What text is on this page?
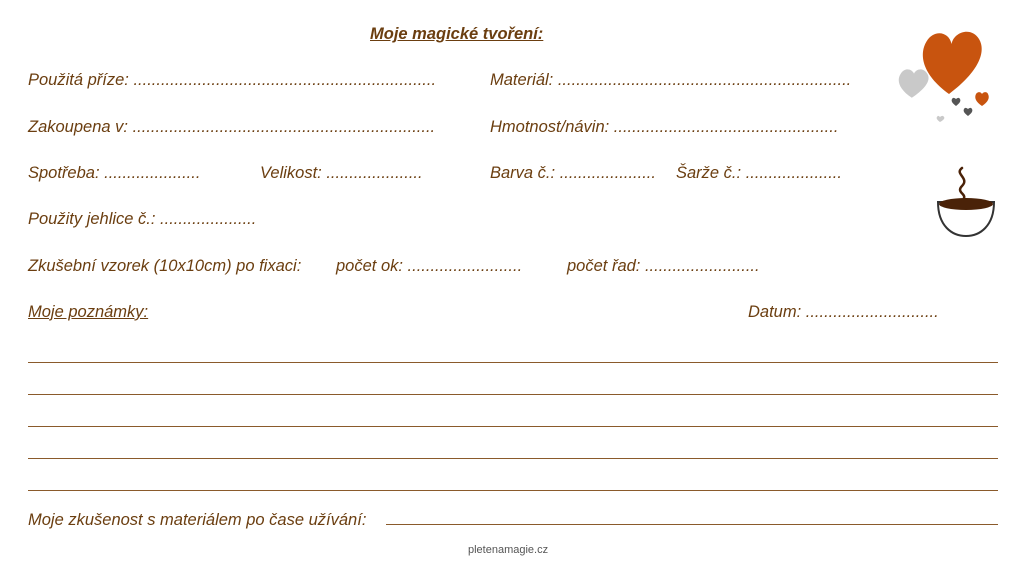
Moje magické tvoření:
Použitá příze: ..................................................................	Materiál: ................................................................
Zakoupena v: ..................................................................	Hmotnost/návin: .................................................
Spotřeba: .....................	Velikost: .....................	Barva č.: ..................... Šarže č.: .....................
Použity jehlice č.: .....................
Zkušební vzorek (10x10cm) po fixaci: počet ok: .........................	počet řad: .........................
Moje poznámky:	Datum: .............................
Moje zkušenost s materiálem po čase užívání:
pletenamagie.cz
